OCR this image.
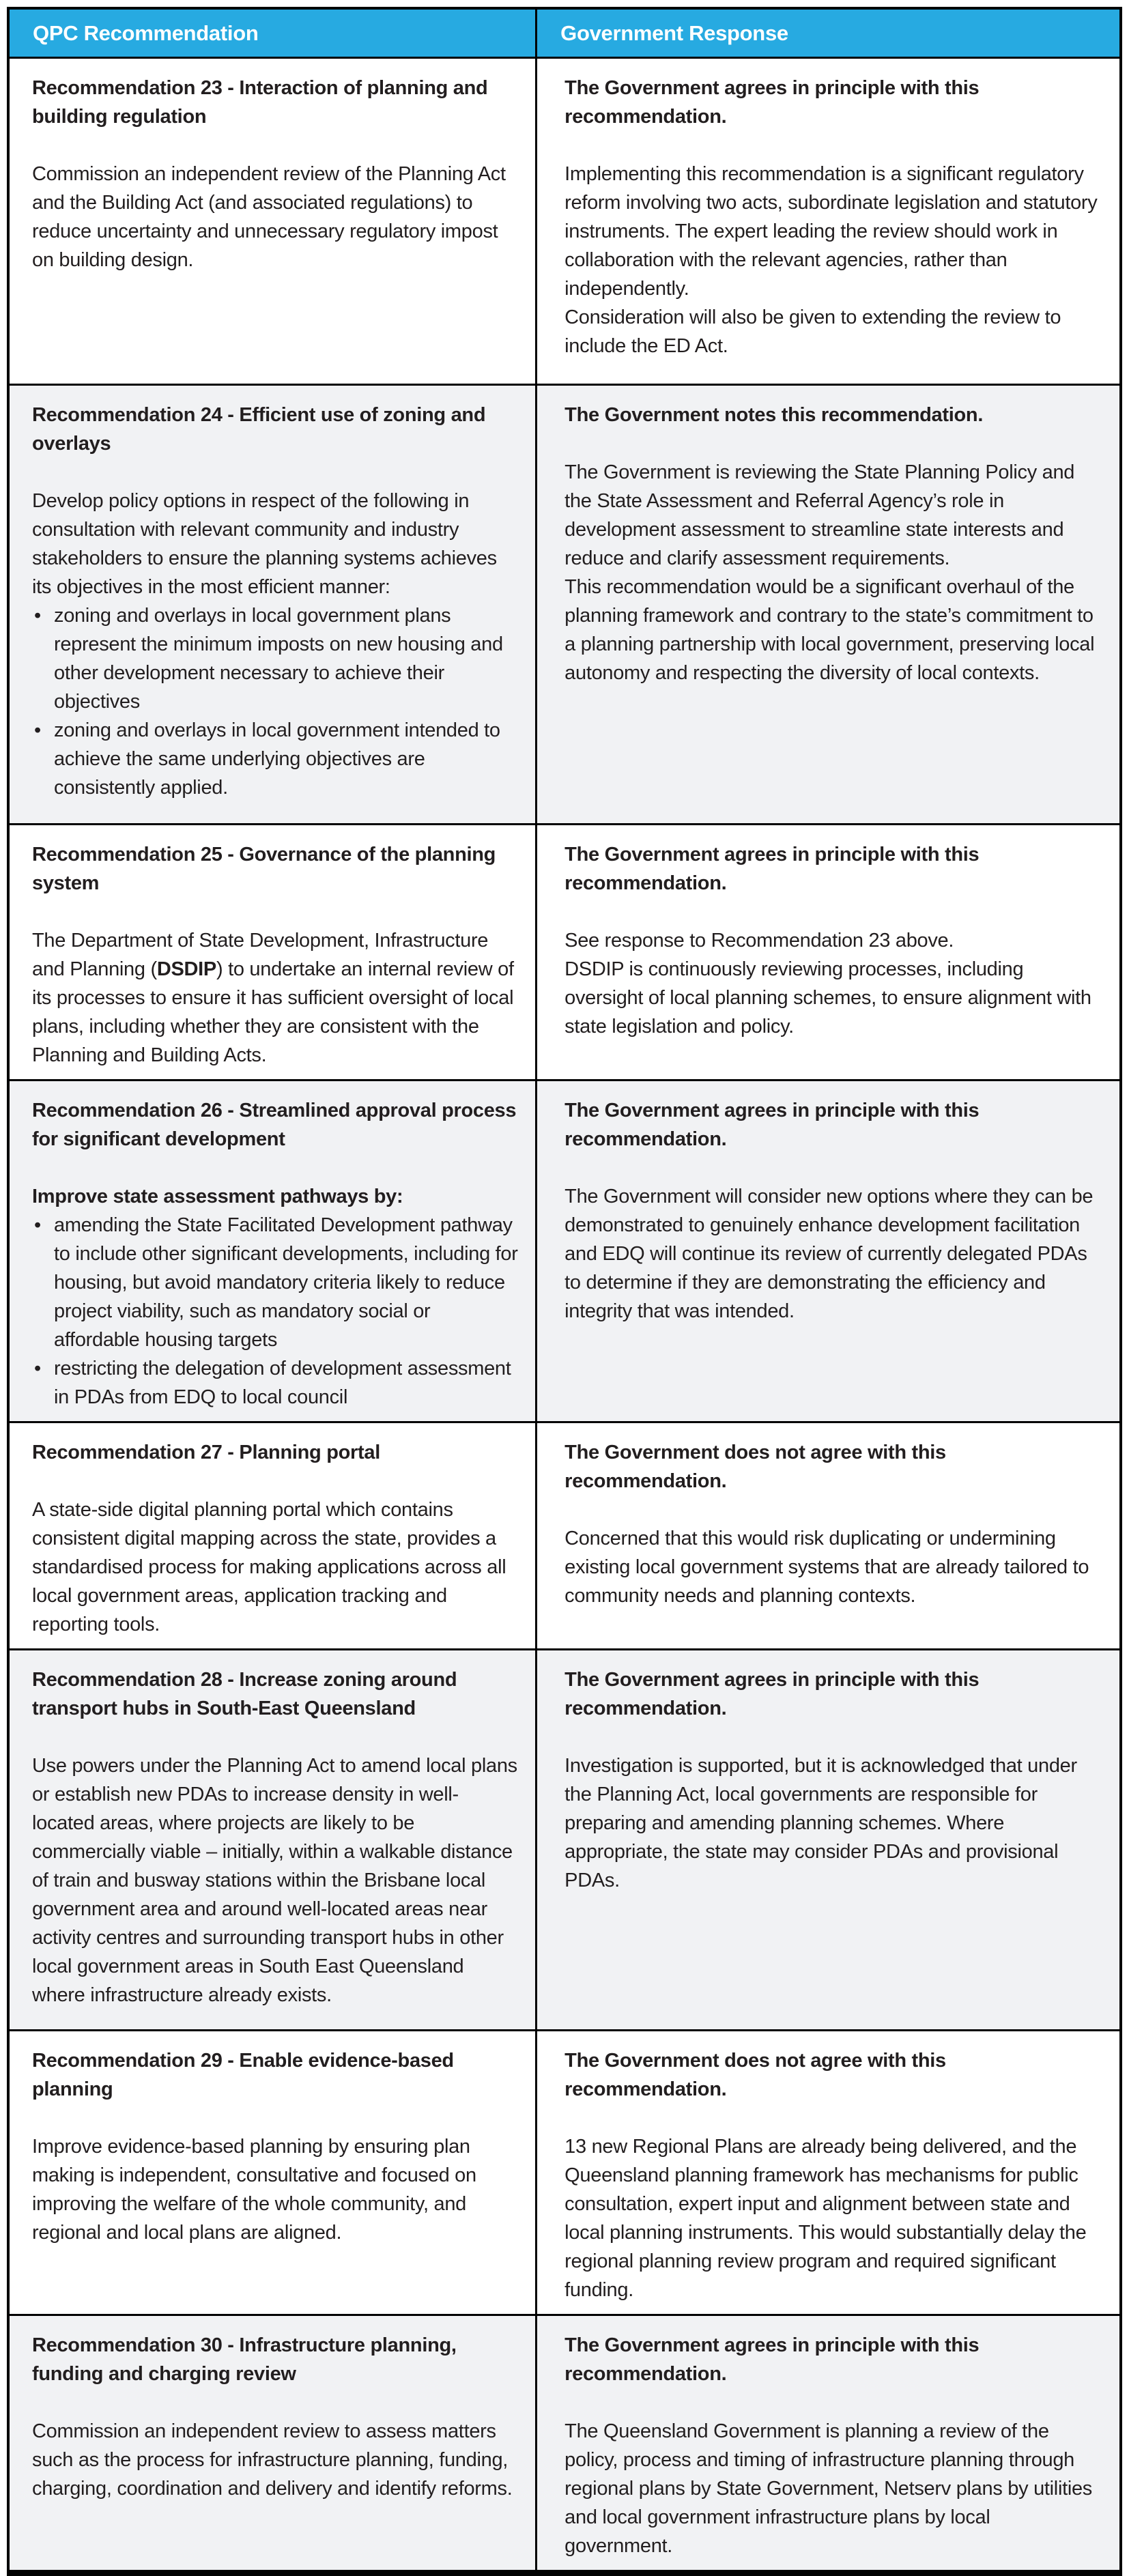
QPC Recommendation	Government Response

Recommendation 23 - Interaction of planning and building regulation

Commission an independent review of the Planning Act and the Building Act (and associated regulations) to reduce uncertainty and unnecessary regulatory impost on building design.

The Government agrees in principle with this recommendation.

Implementing this recommendation is a significant regulatory reform involving two acts, subordinate legislation and statutory instruments. The expert leading the review should work in collaboration with the relevant agencies, rather than independently.

Consideration will also be given to extending the review to include the ED Act.

Recommendation 24 - Efficient use of zoning and overlays

Develop policy options in respect of the following in consultation with relevant community and industry stakeholders to ensure the planning systems achieves its objectives in the most efficient manner:

• zoning and overlays in local government plans represent the minimum imposts on new housing and other development necessary to achieve their objectives
• zoning and overlays in local government intended to achieve the same underlying objectives are consistently applied.

The Government notes this recommendation.

The Government is reviewing the State Planning Policy and the State Assessment and Referral Agency’s role in development assessment to streamline state interests and reduce and clarify assessment requirements.

This recommendation would be a significant overhaul of the planning framework and contrary to the state’s commitment to a planning partnership with local government, preserving local autonomy and respecting the diversity of local contexts.

Recommendation 25 - Governance of the planning system

The Department of State Development, Infrastructure and Planning (DSDIP) to undertake an internal review of its processes to ensure it has sufficient oversight of local plans, including whether they are consistent with the Planning and Building Acts.

The Government agrees in principle with this recommendation.

See response to Recommendation 23 above.

DSDIP is continuously reviewing processes, including oversight of local planning schemes, to ensure alignment with state legislation and policy.

Recommendation 26 - Streamlined approval process for significant development

Improve state assessment pathways by:

• amending the State Facilitated Development pathway to include other significant developments, including for housing, but avoid mandatory criteria likely to reduce project viability, such as mandatory social or affordable housing targets
• restricting the delegation of development assessment in PDAs from EDQ to local council

The Government agrees in principle with this recommendation.

The Government will consider new options where they can be demonstrated to genuinely enhance development facilitation and EDQ will continue its review of currently delegated PDAs to determine if they are demonstrating the efficiency and integrity that was intended.

Recommendation 27 - Planning portal

A state-side digital planning portal which contains consistent digital mapping across the state, provides a standardised process for making applications across all local government areas, application tracking and reporting tools.

The Government does not agree with this recommendation.

Concerned that this would risk duplicating or undermining existing local government systems that are already tailored to community needs and planning contexts.

Recommendation 28 - Increase zoning around transport hubs in South-East Queensland

Use powers under the Planning Act to amend local plans or establish new PDAs to increase density in well-located areas, where projects are likely to be commercially viable – initially, within a walkable distance of train and busway stations within the Brisbane local government area and around well-located areas near activity centres and surrounding transport hubs in other local government areas in South East Queensland where infrastructure already exists.

The Government agrees in principle with this recommendation.

Investigation is supported, but it is acknowledged that under the Planning Act, local governments are responsible for preparing and amending planning schemes. Where appropriate, the state may consider PDAs and provisional PDAs.

Recommendation 29 - Enable evidence-based planning

Improve evidence-based planning by ensuring plan making is independent, consultative and focused on improving the welfare of the whole community, and regional and local plans are aligned.

The Government does not agree with this recommendation.

13 new Regional Plans are already being delivered, and the Queensland planning framework has mechanisms for public consultation, expert input and alignment between state and local planning instruments. This would substantially delay the regional planning review program and required significant funding.

Recommendation 30 - Infrastructure planning, funding and charging review

Commission an independent review to assess matters such as the process for infrastructure planning, funding, charging, coordination and delivery and identify reforms.

The Government agrees in principle with this recommendation.

The Queensland Government is planning a review of the policy, process and timing of infrastructure planning through regional plans by State Government, Netserv plans by utilities and local government infrastructure plans by local government.
